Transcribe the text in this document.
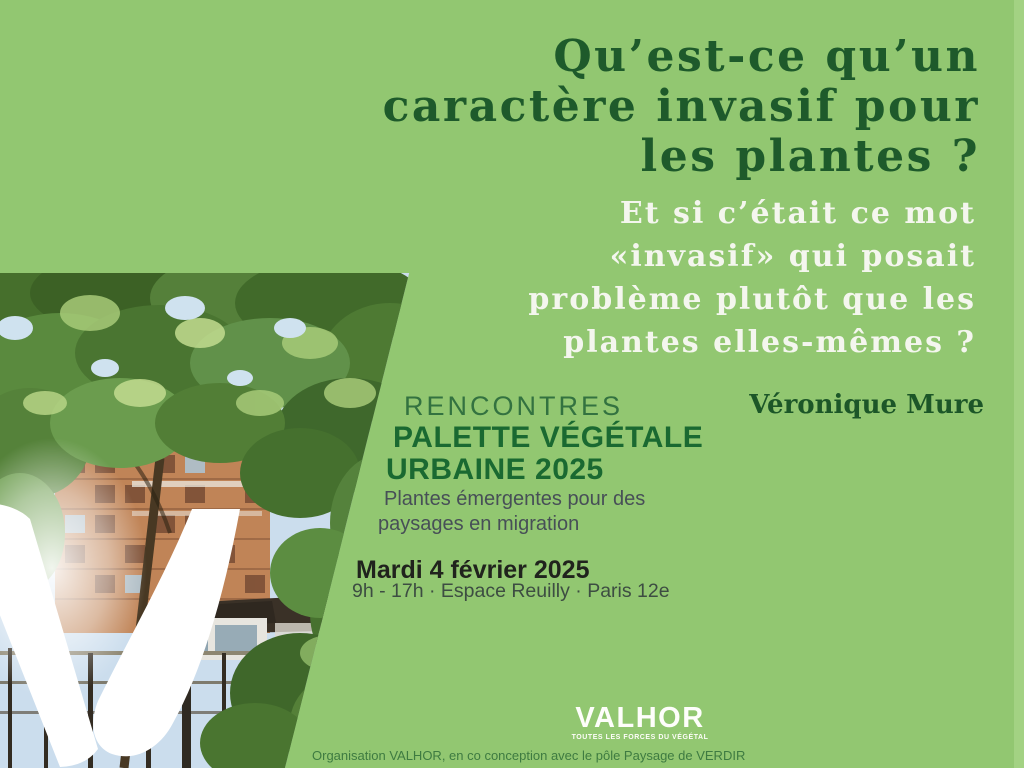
Qu’est-ce qu’un
caractère invasif pour
les plantes ?
Et si c’était ce mot
«invasif» qui posait
problème plutôt que les
plantes elles-mêmes ?
Véronique Mure
RENCONTRES
PALETTE VÉGÉTALE
URBAINE 2025
Plantes émergentes pour des
paysages en migration
Mardi 4 février 2025
9h - 17h · Espace Reuilly · Paris 12e
VALHOR
TOUTES LES FORCES DU VÉGÉTAL
Organisation VALHOR, en co conception avec le pôle Paysage de VERDIR
